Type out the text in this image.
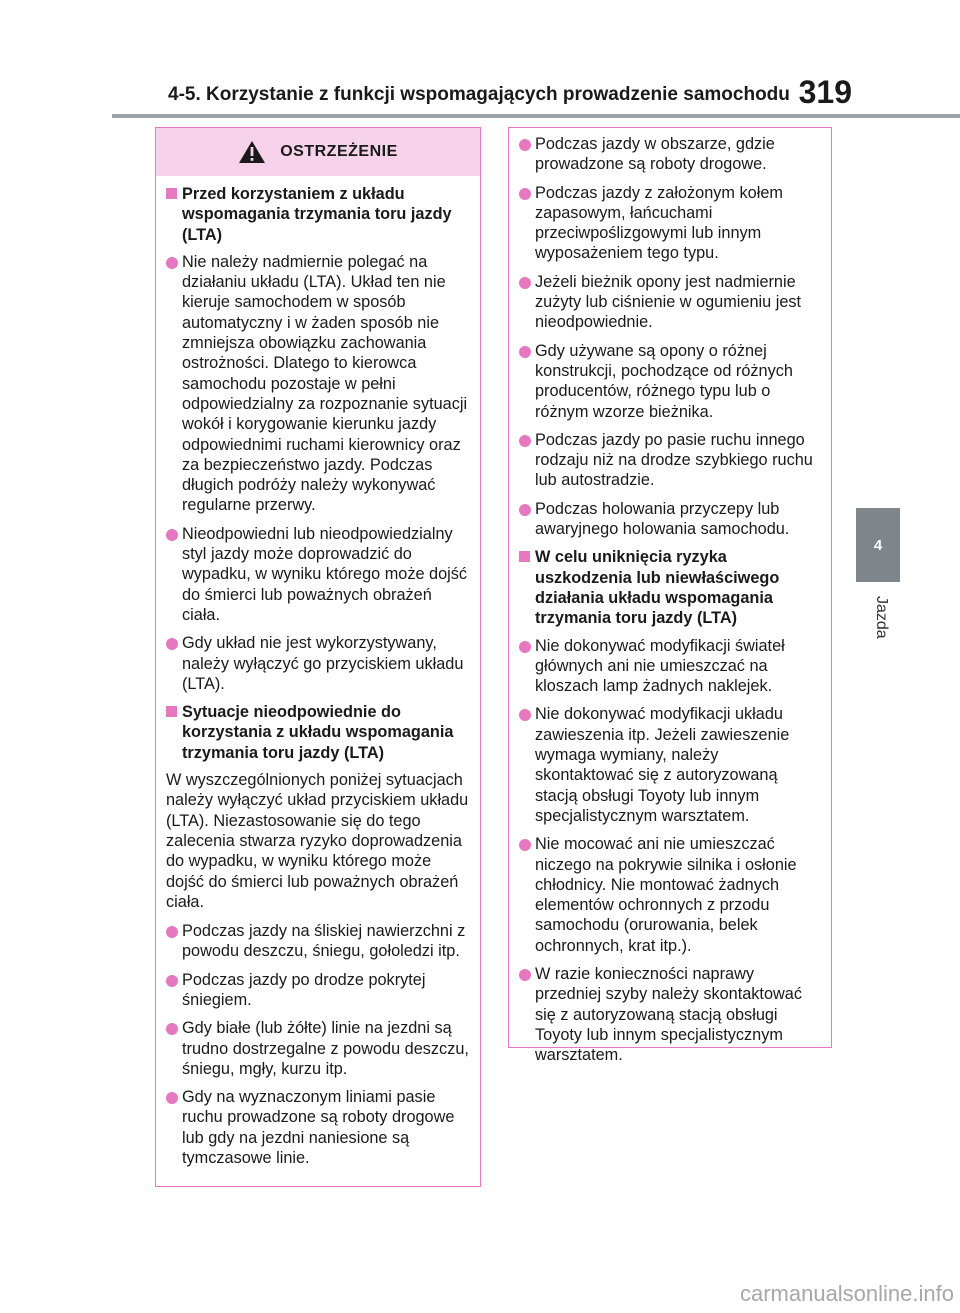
4-5. Korzystanie z funkcji wspomagających prowadzenie samochodu 319
4
Jazda
OSTRZEŻENIE
Przed korzystaniem z układu wspomagania trzymania toru jazdy (LTA)
Nie należy nadmiernie polegać na działaniu układu (LTA). Układ ten nie kieruje samochodem w sposób automatyczny i w żaden sposób nie zmniejsza obowiązku zachowania ostrożności. Dlatego to kierowca samochodu pozostaje w pełni odpowiedzialny za rozpoznanie sytuacji wokół i korygowanie kierunku jazdy odpowiednimi ruchami kierownicy oraz za bezpieczeństwo jazdy. Podczas długich podróży należy wykonywać regularne przerwy.
Nieodpowiedni lub nieodpowiedzialny styl jazdy może doprowadzić do wypadku, w wyniku którego może dojść do śmierci lub poważnych obrażeń ciała.
Gdy układ nie jest wykorzystywany, należy wyłączyć go przyciskiem układu (LTA).
Sytuacje nieodpowiednie do korzystania z układu wspomagania trzymania toru jazdy (LTA)
W wyszczególnionych poniżej sytuacjach należy wyłączyć układ przyciskiem układu (LTA). Niezastosowanie się do tego zalecenia stwarza ryzyko doprowadzenia do wypadku, w wyniku którego może dojść do śmierci lub poważnych obrażeń ciała.
Podczas jazdy na śliskiej nawierzchni z powodu deszczu, śniegu, gołoledzi itp.
Podczas jazdy po drodze pokrytej śniegiem.
Gdy białe (lub żółte) linie na jezdni są trudno dostrzegalne z powodu deszczu, śniegu, mgły, kurzu itp.
Gdy na wyznaczonym liniami pasie ruchu prowadzone są roboty drogowe lub gdy na jezdni naniesione są tymczasowe linie.
Podczas jazdy w obszarze, gdzie prowadzone są roboty drogowe.
Podczas jazdy z założonym kołem zapasowym, łańcuchami przeciwpoślizgowymi lub innym wyposażeniem tego typu.
Jeżeli bieżnik opony jest nadmiernie zużyty lub ciśnienie w ogumieniu jest nieodpowiednie.
Gdy używane są opony o różnej konstrukcji, pochodzące od różnych producentów, różnego typu lub o różnym wzorze bieżnika.
Podczas jazdy po pasie ruchu innego rodzaju niż na drodze szybkiego ruchu lub autostradzie.
Podczas holowania przyczepy lub awaryjnego holowania samochodu.
W celu uniknięcia ryzyka uszkodzenia lub niewłaściwego działania układu wspomagania trzymania toru jazdy (LTA)
Nie dokonywać modyfikacji świateł głównych ani nie umieszczać na kloszach lamp żadnych naklejek.
Nie dokonywać modyfikacji układu zawieszenia itp. Jeżeli zawieszenie wymaga wymiany, należy skontaktować się z autoryzowaną stacją obsługi Toyoty lub innym specjalistycznym warsztatem.
Nie mocować ani nie umieszczać niczego na pokrywie silnika i osłonie chłodnicy. Nie montować żadnych elementów ochronnych z przodu samochodu (orurowania, belek ochronnych, krat itp.).
W razie konieczności naprawy przedniej szyby należy skontaktować się z autoryzowaną stacją obsługi Toyoty lub innym specjalistycznym warsztatem.
carmanualsonline.info
